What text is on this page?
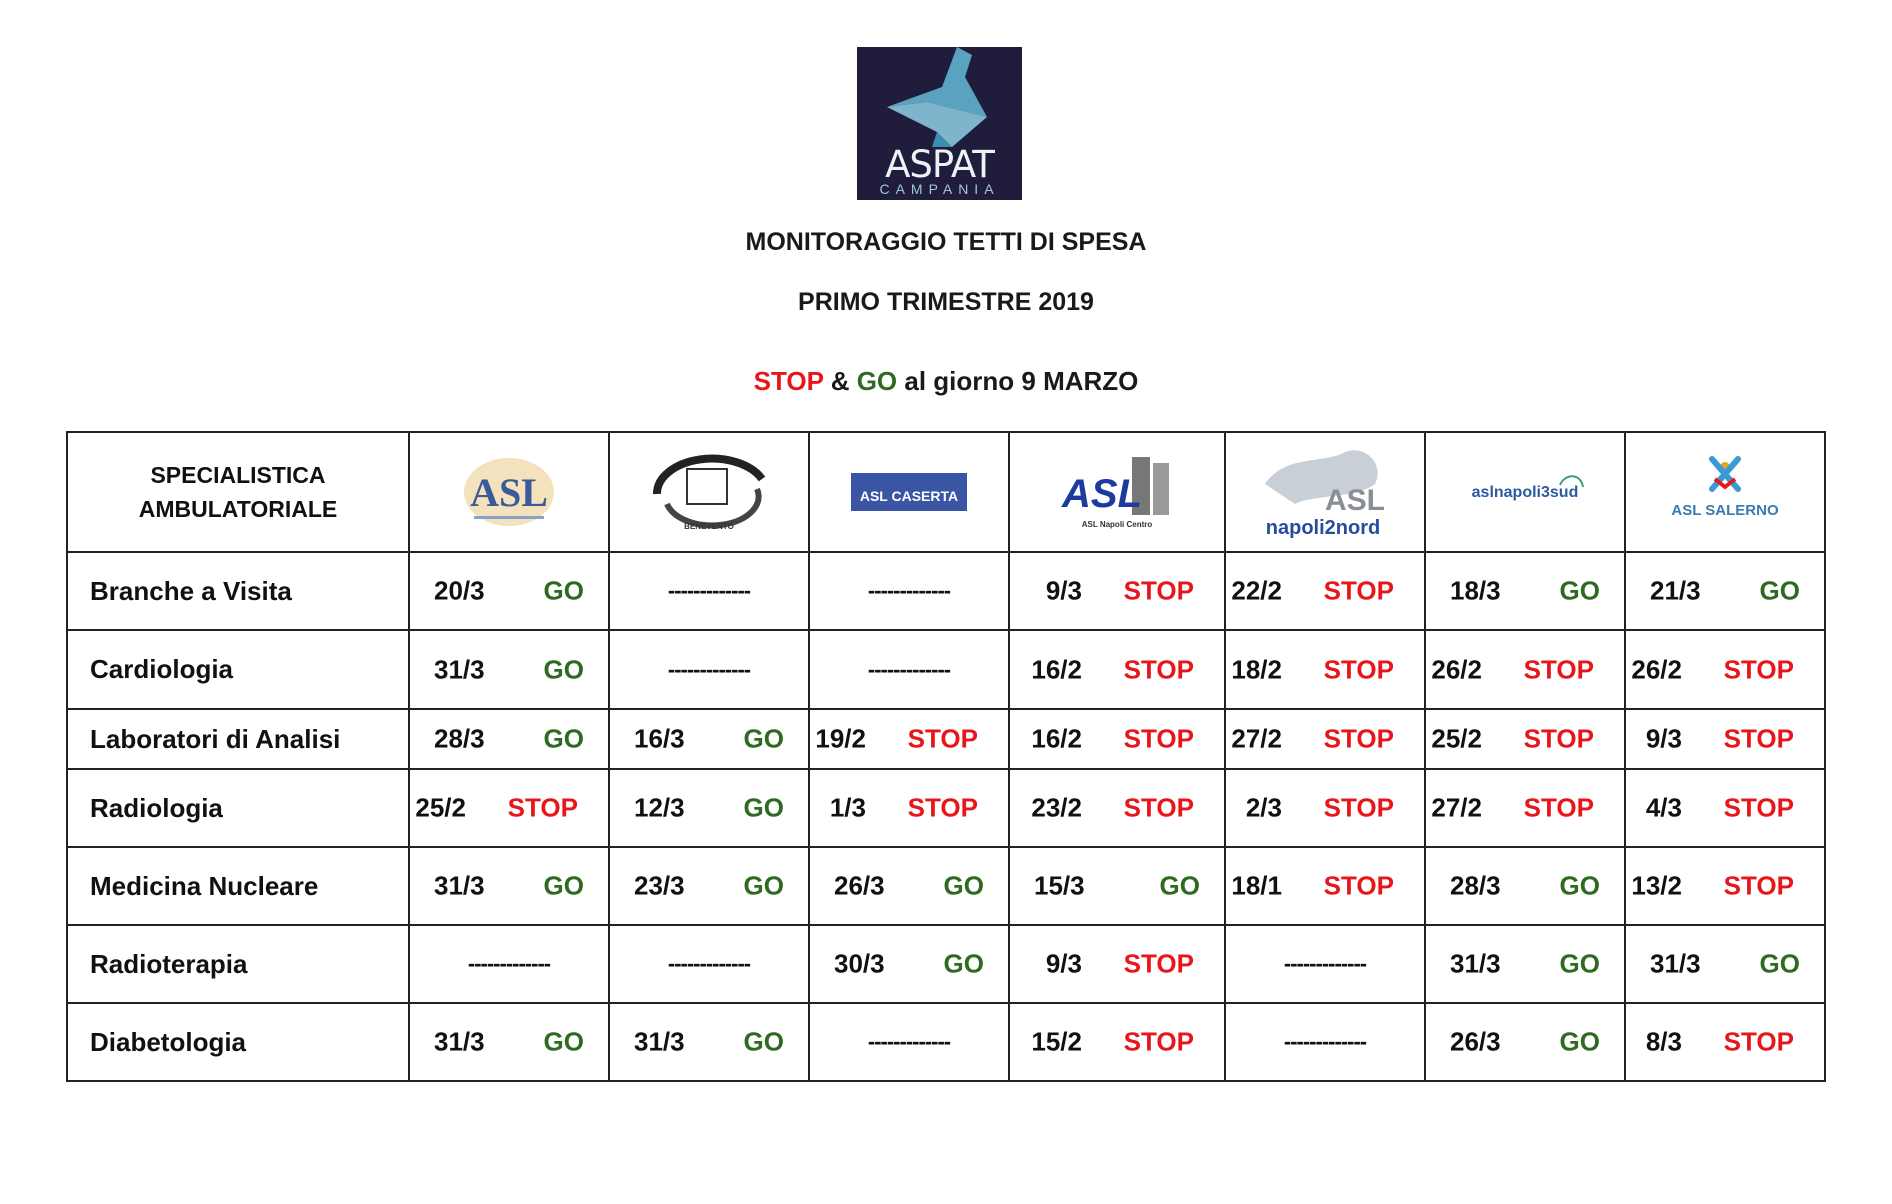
ASPAT
CAMPANIA
MONITORAGGIO TETTI DI SPESA
PRIMO TRIMESTRE 2019
STOP & GO al giorno 9 MARZO
SPECIALISTICA
AMBULATORIALE	ASL	BENEVENTO	ASL CASERTA	ASL
ASL Napoli Centro	ASL
napoli2nord	aslnapoli3sud	ASL SALERNO

Branche a Visita	20/3 GO	-------------	-------------	9/3 STOP	22/2 STOP	18/3 GO	21/3 GO

Cardiologia	31/3 GO	-------------	-------------	16/2 STOP	18/2 STOP	26/2 STOP	26/2 STOP

Laboratori di Analisi	28/3 GO	16/3 GO	19/2 STOP	16/2 STOP	27/2 STOP	25/2 STOP	9/3 STOP

Radiologia	25/2 STOP	12/3 GO	1/3 STOP	23/2 STOP	2/3 STOP	27/2 STOP	4/3 STOP

Medicina Nucleare	31/3 GO	23/3 GO	26/3 GO	15/3 GO	18/1 STOP	28/3 GO	13/2 STOP

Radioterapia	-------------	-------------	30/3 GO	9/3 STOP	-------------	31/3 GO	31/3 GO

Diabetologia	31/3 GO	31/3 GO	-------------	15/2 STOP	-------------	26/3 GO	8/3 STOP
